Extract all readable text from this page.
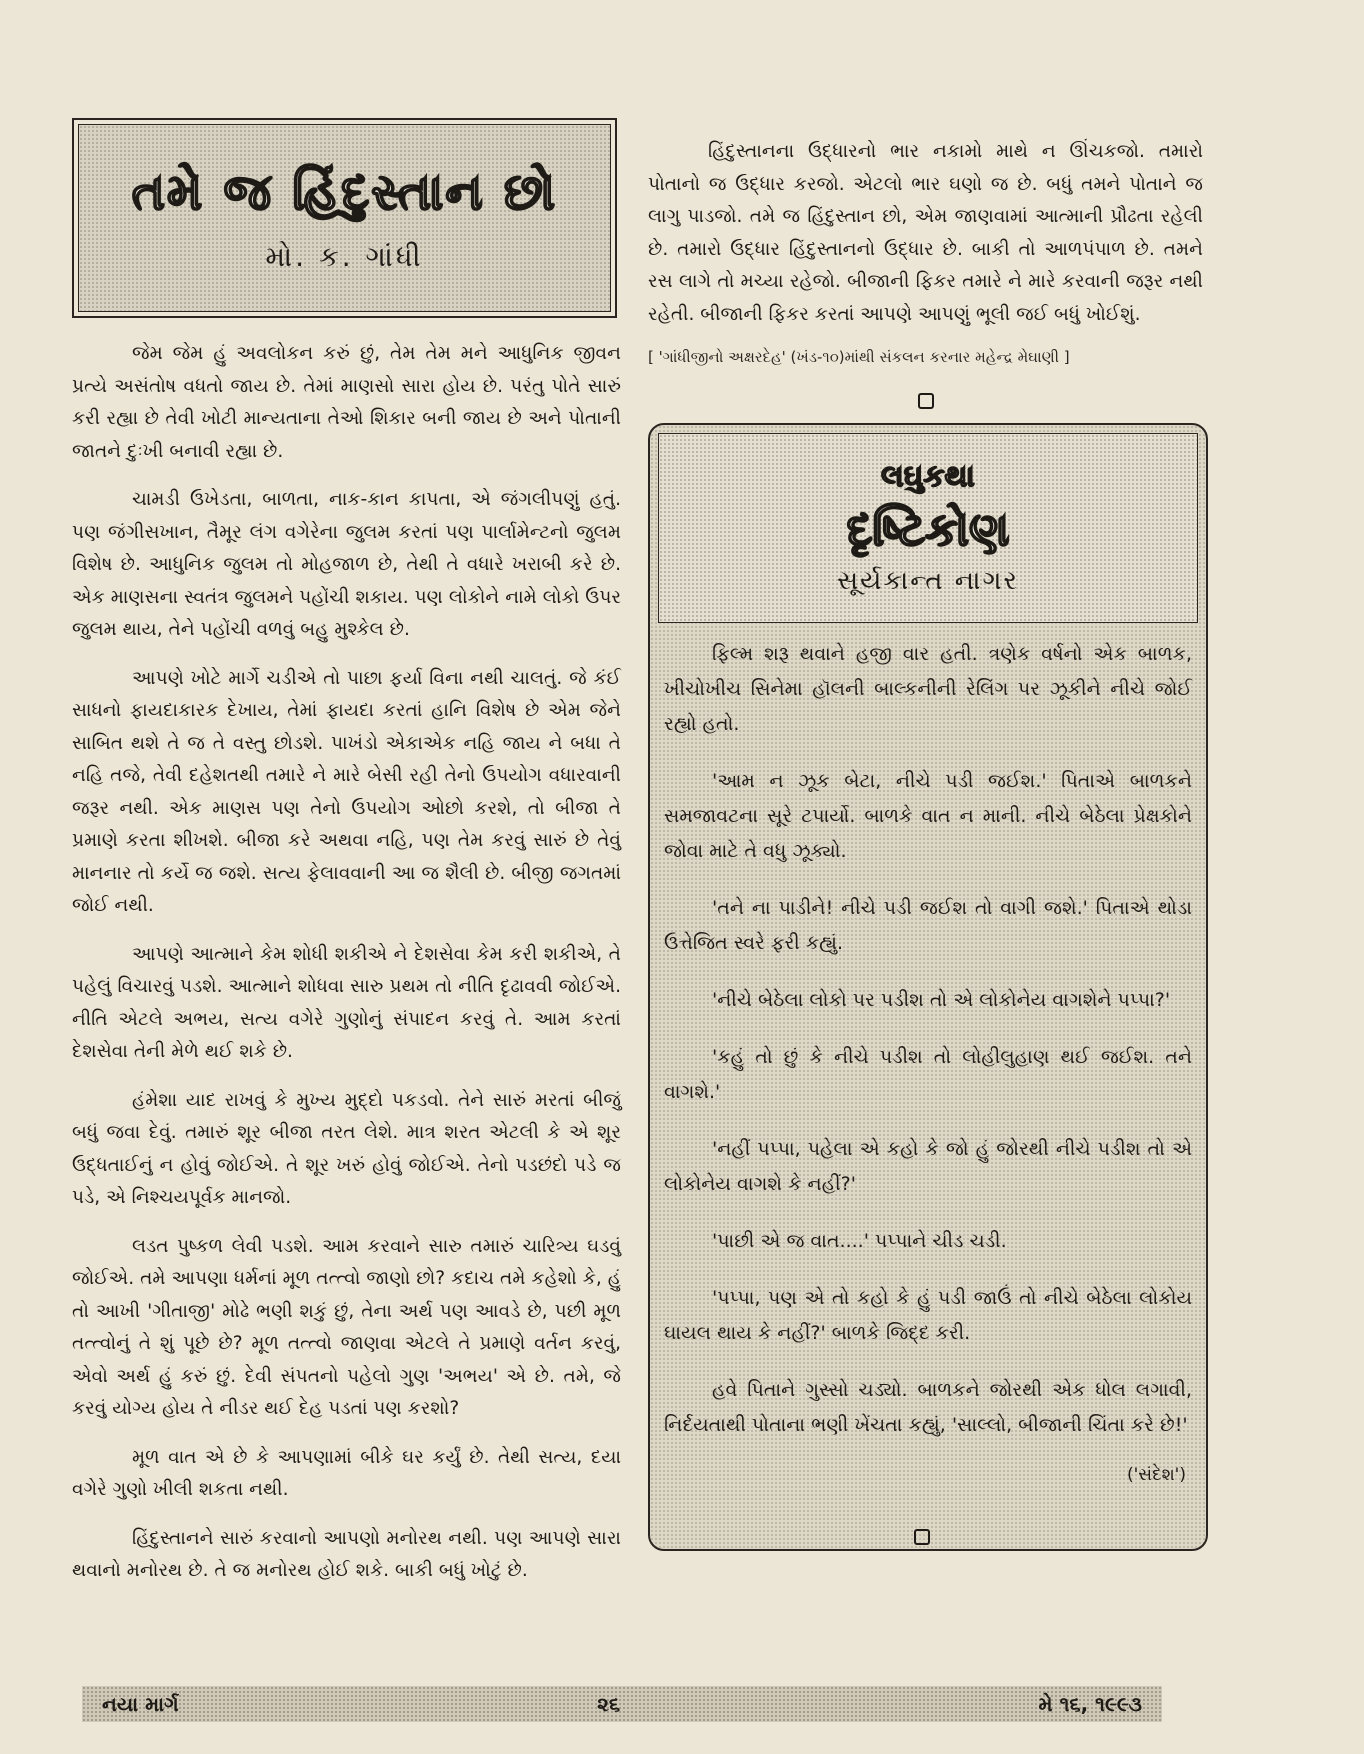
તમે જ હિંદુસ્તાન છો
મો. ક. ગાંધી

જેમ જેમ હું અવલોકન કરું છું, તેમ તેમ મને આધુનિક જીવન પ્રત્યે અસંતોષ વધતો જાય છે. તેમાં માણસો સારા હોય છે. પરંતુ પોતે સારું કરી રહ્યા છે તેવી ખોટી માન્યતાના તેઓ શિકાર બની જાય છે અને પોતાની જાતને દુઃખી બનાવી રહ્યા છે.

ચામડી ઉખેડતા, બાળતા, નાક-કાન કાપતા, એ જંગલીપણું હતું. પણ જંગીસખાન, તૈમૂર લંગ વગેરેના જુલમ કરતાં પણ પાર્લામેન્ટનો જુલમ વિશેષ છે. આધુનિક જુલમ તો મોહજાળ છે, તેથી તે વધારે ખરાબી કરે છે. એક માણસના સ્વતંત્ર જુલમને પહોંચી શકાય. પણ લોકોને નામે લોકો ઉપર જુલમ થાય, તેને પહોંચી વળવું બહુ મુશ્કેલ છે.

આપણે ખોટે માર્ગે ચડીએ તો પાછા ફર્યા વિના નથી ચાલતું. જે કંઈ સાધનો ફાયદાકારક દેખાય, તેમાં ફાયદા કરતાં હાનિ વિશેષ છે એમ જેને સાબિત થશે તે જ તે વસ્તુ છોડશે. પાખંડો એકાએક નહિ જાય ને બધા તે નહિ તજે, તેવી દહેશતથી તમારે ને મારે બેસી રહી તેનો ઉપયોગ વધારવાની જરૂર નથી. એક માણસ પણ તેનો ઉપયોગ ઓછો કરશે, તો બીજા તે પ્રમાણે કરતા શીખશે. બીજા કરે અથવા નહિ, પણ તેમ કરવું સારું છે તેવું માનનાર તો કર્યે જ જશે. સત્ય ફેલાવવાની આ જ શૈલી છે. બીજી જગતમાં જોઈ નથી.

આપણે આત્માને કેમ શોધી શકીએ ને દેશસેવા કેમ કરી શકીએ, તે પહેલું વિચારવું પડશે. આત્માને શોધવા સારુ પ્રથમ તો નીતિ દૃઢાવવી જોઈએ. નીતિ એટલે અભય, સત્ય વગેરે ગુણોનું સંપાદન કરવું તે. આમ કરતાં દેશસેવા તેની મેળે થઈ શકે છે.

હંમેશા યાદ રાખવું કે મુખ્ય મુદ્દો પકડવો. તેને સારું મરતાં બીજું બધું જવા દેવું. તમારું શૂર બીજા તરત લેશે. માત્ર શરત એટલી કે એ શૂર ઉદ્ધતાઈનું ન હોવું જોઈએ. તે શૂર ખરું હોવું જોઈએ. તેનો પડછંદો પડે જ પડે, એ નિશ્ચયપૂર્વક માનજો.

લડત પુષ્કળ લેવી પડશે. આમ કરવાને સારુ તમારું ચારિત્ર્ય ઘડવું જોઈએ. તમે આપણા ધર્મનાં મૂળ તત્ત્વો જાણો છો? કદાચ તમે કહેશો કે, હું તો આખી 'ગીતાજી' મોઢે ભણી શકું છું, તેના અર્થ પણ આવડે છે, પછી મૂળ તત્ત્વોનું તે શું પૂછે છે? મૂળ તત્ત્વો જાણવા એટલે તે પ્રમાણે વર્તન કરવું, એવો અર્થ હું કરું છું. દેવી સંપતનો પહેલો ગુણ 'અભય' એ છે. તમે, જે કરવું યોગ્ય હોય તે નીડર થઈ દેહ પડતાં પણ કરશો?

મૂળ વાત એ છે કે આપણામાં બીકે ઘર કર્યું છે. તેથી સત્ય, દયા વગેરે ગુણો ખીલી શકતા નથી.

હિંદુસ્તાનને સારું કરવાનો આપણો મનોરથ નથી. પણ આપણે સારા થવાનો મનોરથ છે. તે જ મનોરથ હોઈ શકે. બાકી બધું ખોટું છે.

હિંદુસ્તાનના ઉદ્ધારનો ભાર નકામો માથે ન ઊંચકજો. તમારો પોતાનો જ ઉદ્ધાર કરજો. એટલો ભાર ઘણો જ છે. બધું તમને પોતાને જ લાગુ પાડજો. તમે જ હિંદુસ્તાન છો, એમ જાણવામાં આત્માની પ્રૌઢતા રહેલી છે. તમારો ઉદ્ધાર હિંદુસ્તાનનો ઉદ્ધાર છે. બાકી તો આળપંપાળ છે. તમને રસ લાગે તો મચ્યા રહેજો. બીજાની ફિકર તમારે ને મારે કરવાની જરૂર નથી રહેતી. બીજાની ફિકર કરતાં આપણે આપણું ભૂલી જઈ બધું ખોઈશું.

[ 'ગાંધીજીનો અક્ષરદેહ' (ખંડ-૧૦)માંથી સંકલન કરનાર મહેન્દ્ર મેઘાણી ]

લઘુકથા
દૃષ્ટિકોણ
સૂર્યકાન્ત નાગર

ફિલ્મ શરૂ થવાને હજી વાર હતી. ત્રણેક વર્ષનો એક બાળક, ખીચોખીચ સિનેમા હૉલની બાલ્કનીની રેલિંગ પર ઝૂકીને નીચે જોઈ રહ્યો હતો.

'આમ ન ઝૂક બેટા, નીચે પડી જઈશ.' પિતાએ બાળકને સમજાવટના સૂરે ટપાર્યો. બાળકે વાત ન માની. નીચે બેઠેલા પ્રેક્ષકોને જોવા માટે તે વધુ ઝૂક્યો.

'તને ના પાડીને! નીચે પડી જઈશ તો વાગી જશે.' પિતાએ થોડા ઉત્તેજિત સ્વરે ફરી કહ્યું.

'નીચે બેઠેલા લોકો પર પડીશ તો એ લોકોનેય વાગશેને પપ્પા?'

'કહું તો છું કે નીચે પડીશ તો લોહીલુહાણ થઈ જઈશ. તને વાગશે.'

'નહીં પપ્પા, પહેલા એ કહો કે જો હું જોરથી નીચે પડીશ તો એ લોકોનેય વાગશે કે નહીં?'

'પાછી એ જ વાત....' પપ્પાને ચીડ ચડી.

'પપ્પા, પણ એ તો કહો કે હું પડી જાઉં તો નીચે બેઠેલા લોકોય ઘાયલ થાય કે નહીં?' બાળકે જિદ્દ કરી.

હવે પિતાને ગુસ્સો ચડ્યો. બાળકને જોરથી એક ધોલ લગાવી, નિર્દયતાથી પોતાના ભણી ખેંચતા કહ્યું, 'સાલ્લો, બીજાની ચિંતા કરે છે!'

('સંદેશ')
નયા માર્ગ	૨૬	મે ૧૬, ૧૯૯૩
